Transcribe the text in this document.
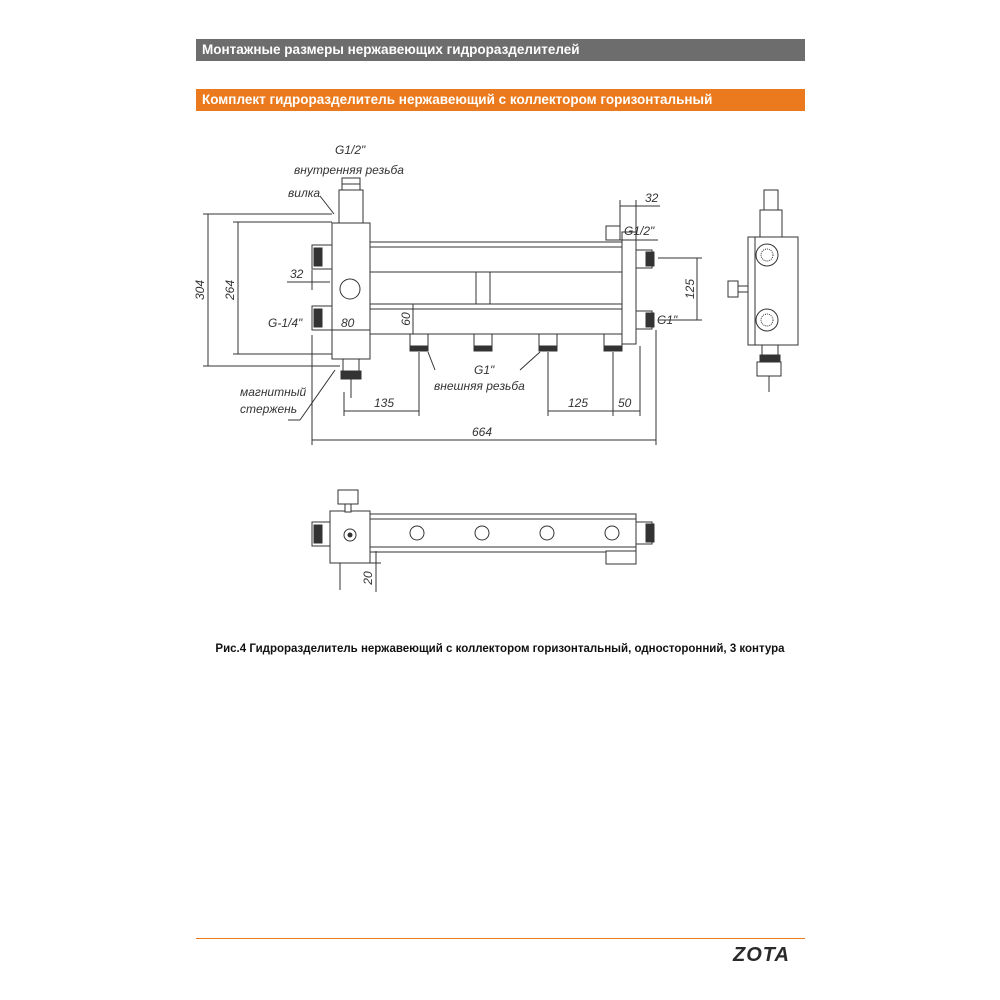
Монтажные размеры нержавеющих гидроразделителей
Комплект гидроразделитель нержавеющий с коллектором горизонтальный
G1/2"
внутренняя резьба
вилка	32
G1/2"
304 264
32
125
G-1/4"	80	60	G1"
G1"
внешняя резьба
магнитный
стержень	135	125 50
664
20
Рис.4 Гидроразделитель нержавеющий с коллектором горизонтальный, односторонний, 3 контура
ZOTA
